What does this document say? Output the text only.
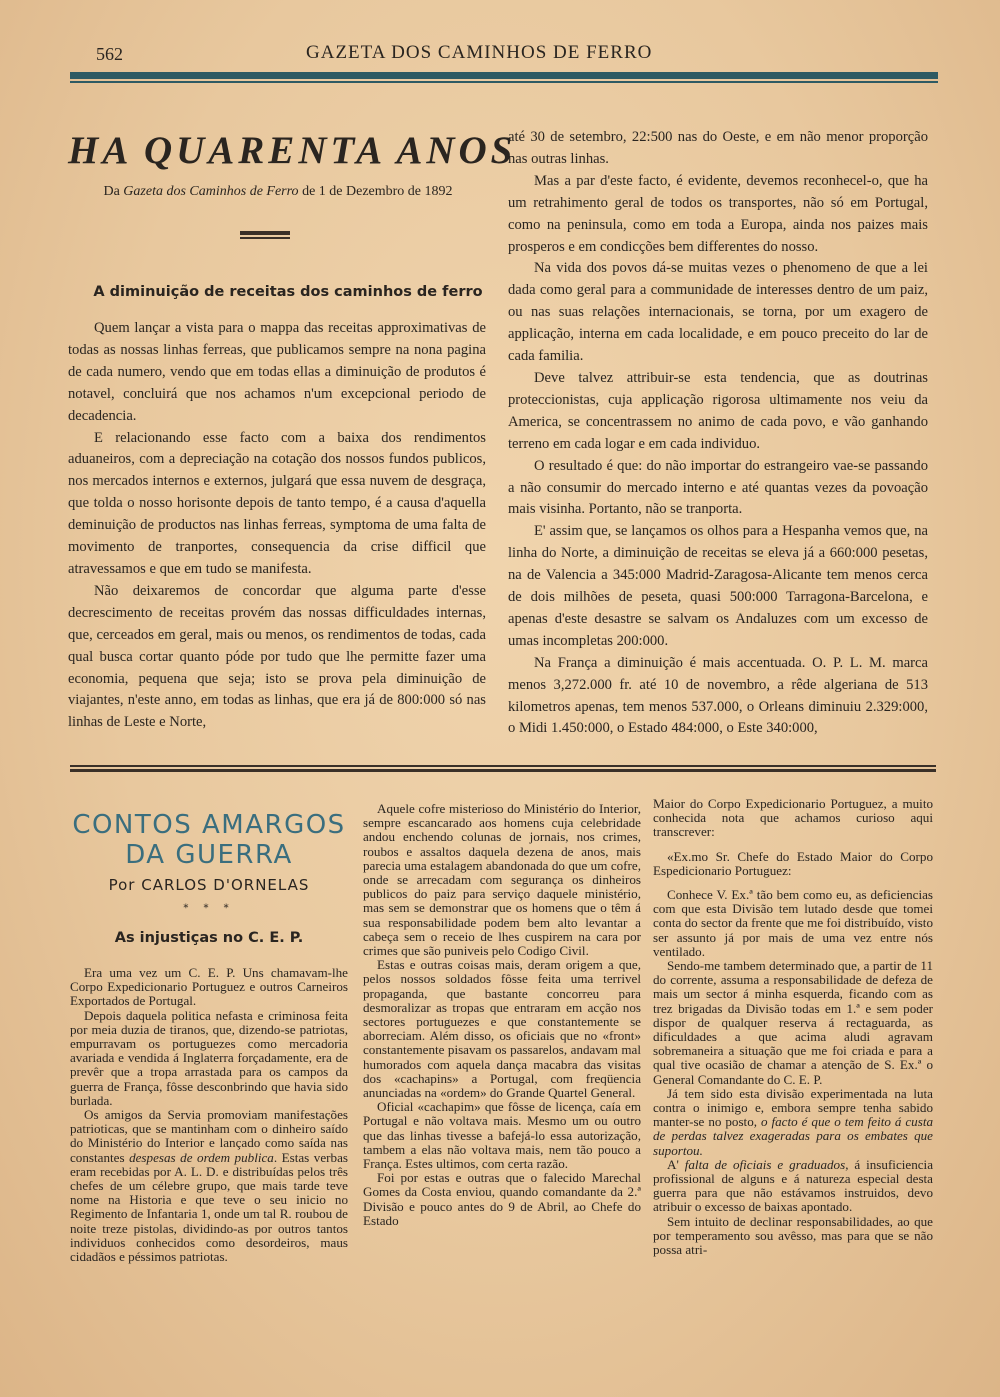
562	GAZETA DOS CAMINHOS DE FERRO
HA QUARENTA ANOS
Da Gazeta dos Caminhos de Ferro de 1 de Dezembro de 1892
A diminuição de receitas dos caminhos de ferro

Quem lançar a vista para o mappa das receitas approximativas de todas as nossas linhas ferreas, que publicamos sempre na nona pagina de cada numero, vendo que em todas ellas a diminuição de produtos é notavel, concluirá que nos achamos n'um excepcional periodo de decadencia.

E relacionando esse facto com a baixa dos rendimentos aduaneiros, com a depreciação na cotação dos nossos fundos publicos, nos mercados internos e externos, julgará que essa nuvem de desgraça, que tolda o nosso horisonte depois de tanto tempo, é a causa d'aquella deminuição de productos nas linhas ferreas, symptoma de uma falta de movimento de tranportes, consequencia da crise difficil que atravessamos e que em tudo se manifesta.

Não deixaremos de concordar que alguma parte d'esse decrescimento de receitas provém das nossas difficuldades internas, que, cerceados em geral, mais ou menos, os rendimentos de todas, cada qual busca cortar quanto póde por tudo que lhe permitte fazer uma economia, pequena que seja; isto se prova pela diminuição de viajantes, n'este anno, em todas as linhas, que era já de 800:000 só nas linhas de Leste e Norte,

até 30 de setembro, 22:500 nas do Oeste, e em não menor proporção nas outras linhas.

Mas a par d'este facto, é evidente, devemos reconhecel-o, que ha um retrahimento geral de todos os transportes, não só em Portugal, como na peninsula, como em toda a Europa, ainda nos paizes mais prosperos e em condicções bem differentes do nosso.

Na vida dos povos dá-se muitas vezes o phenomeno de que a lei dada como geral para a communidade de interesses dentro de um paiz, ou nas suas relações internacionais, se torna, por um exagero de applicação, interna em cada localidade, e em pouco preceito do lar de cada familia.

Deve talvez attribuir-se esta tendencia, que as doutrinas proteccionistas, cuja applicação rigorosa ultimamente nos veiu da America, se concentrassem no animo de cada povo, e vão ganhando terreno em cada logar e em cada individuo.

O resultado é que: do não importar do estrangeiro vae-se passando a não consumir do mercado interno e até quantas vezes da povoação mais visinha. Portanto, não se tranporta.

E' assim que, se lançamos os olhos para a Hespanha vemos que, na linha do Norte, a diminuição de receitas se eleva já a 660:000 pesetas, na de Valencia a 345:000 Madrid-Zaragosa-Alicante tem menos cerca de dois milhões de peseta, quasi 500:000 Tarragona-Barcelona, e apenas d'este desastre se salvam os Andaluzes com um excesso de umas incompletas 200:000.

Na França a diminuição é mais accentuada. O. P. L. M. marca menos 3,272.000 fr. até 10 de novembro, a rêde algeriana de 513 kilometros apenas, tem menos 537.000, o Orleans diminuiu 2.329:000, o Midi 1.450:000, o Estado 484:000, o Este 340:000,

CONTOS AMARGOS
DA GUERRA
Por CARLOS D'ORNELAS
* * *
As injustiças no C. E. P.

Era uma vez um C. E. P. Uns chamavam-lhe Corpo Expedicionario Portuguez e outros Carneiros Exportados de Portugal.

Depois daquela politica nefasta e criminosa feita por meia duzia de tiranos, que, dizendo-se patriotas, empurravam os portuguezes como mercadoria avariada e vendida á Inglaterra forçadamente, era de prevêr que a tropa arrastada para os campos da guerra de França, fôsse desconbrindo que havia sido burlada.

Os amigos da Servia promoviam manifestações patrioticas, que se mantinham com o dinheiro saído do Ministério do Interior e lançado como saída nas constantes despesas de ordem publica. Estas verbas eram recebidas por A. L. D. e distribuídas pelos três chefes de um célebre grupo, que mais tarde teve nome na Historia e que teve o seu inicio no Regimento de Infantaria 1, onde um tal R. roubou de noite treze pistolas, dividindo-as por outros tantos individuos conhecidos como desordeiros, maus cidadãos e péssimos patriotas.

Aquele cofre misterioso do Ministério do Interior, sempre escancarado aos homens cuja celebridade andou enchendo colunas de jornais, nos crimes, roubos e assaltos daquela dezena de anos, mais parecia uma estalagem abandonada do que um cofre, onde se arrecadam com segurança os dinheiros publicos do paiz para serviço daquele ministério, mas sem se demonstrar que os homens que o têm á sua responsabilidade podem bem alto levantar a cabeça sem o receio de lhes cuspirem na cara por crimes que são puniveis pelo Codigo Civil.

Estas e outras coisas mais, deram origem a que, pelos nossos soldados fôsse feita uma terrivel propaganda, que bastante concorreu para desmoralizar as tropas que entraram em acção nos sectores portuguezes e que constantemente se aborreciam. Além disso, os oficiais que no «front» constantemente pisavam os passarelos, andavam mal humorados com aquela dança macabra das visitas dos «cachapins» a Portugal, com freqüencia anunciadas na «ordem» do Grande Quartel General.

Oficial «cachapim» que fôsse de licença, caía em Portugal e não voltava mais. Mesmo um ou outro que das linhas tivesse a bafejá-lo essa autorização, tambem a elas não voltava mais, nem tão pouco a França. Estes ultimos, com certa razão.

Foi por estas e outras que o falecido Marechal Gomes da Costa enviou, quando comandante da 2.ª Divisão e pouco antes do 9 de Abril, ao Chefe do Estado

Maior do Corpo Expedicionario Portuguez, a muito conhecida nota que achamos curioso aqui transcrever:

«Ex.mo Sr. Chefe do Estado Maior do Corpo Espedicionario Portuguez:

Conhece V. Ex.ª tão bem como eu, as deficiencias com que esta Divisão tem lutado desde que tomei conta do sector da frente que me foi distribuído, visto ser assunto já por mais de uma vez entre nós ventilado.

Sendo-me tambem determinado que, a partir de 11 do corrente, assuma a responsabilidade de defeza de mais um sector á minha esquerda, ficando com as trez brigadas da Divisão todas em 1.ª e sem poder dispor de qualquer reserva á rectaguarda, as dificuldades a que acima aludi agravam sobremaneira a situação que me foi criada e para a qual tive ocasião de chamar a atenção de S. Ex.ª o General Comandante do C. E. P.

Já tem sido esta divisão experimentada na luta contra o inimigo e, embora sempre tenha sabido manter-se no posto, o facto é que o tem feito á custa de perdas talvez exageradas para os embates que suportou.

A' falta de oficiais e graduados, á insuficiencia profissional de alguns e á natureza especial desta guerra para que não estávamos instruidos, devo atribuir o excesso de baixas apontado.

Sem intuito de declinar responsabilidades, ao que por temperamento sou avêsso, mas para que se não possa atri-
